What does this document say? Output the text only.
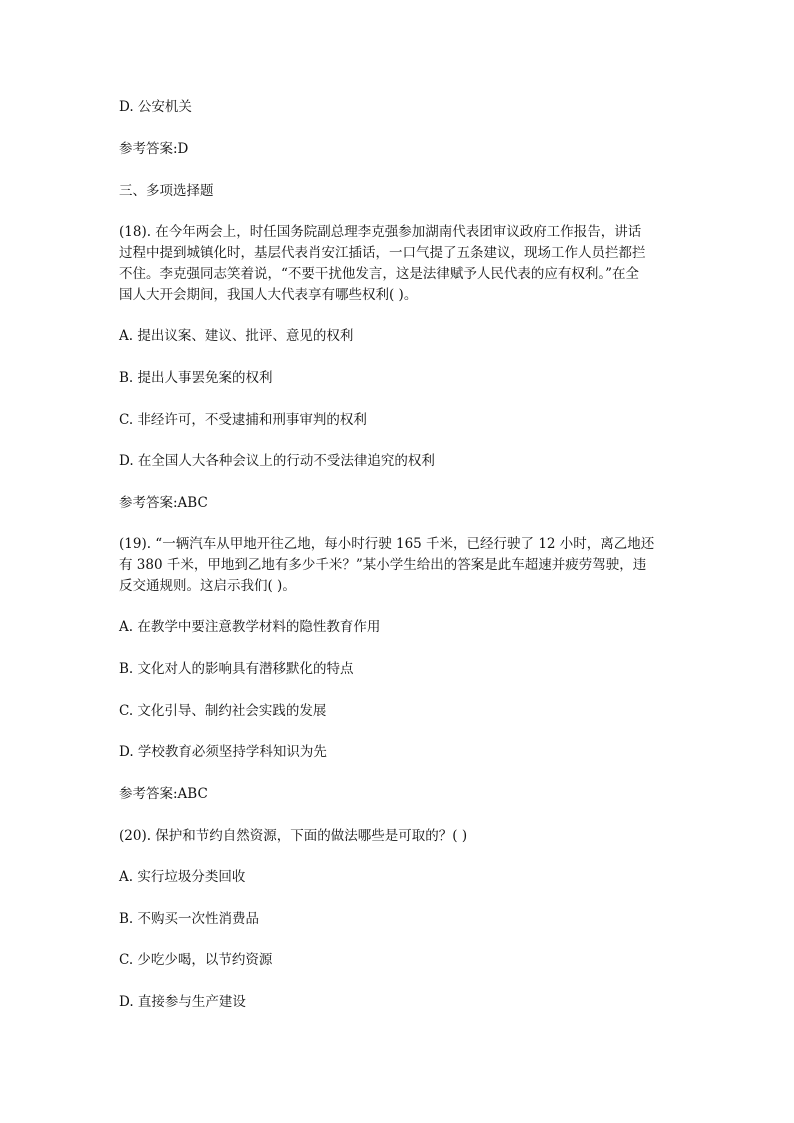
D. 公安机关
参考答案:D
三、多项选择题
(18). 在今年两会上，时任国务院副总理李克强参加湖南代表团审议政府工作报告，讲话
过程中提到城镇化时，基层代表肖安江插话，一口气提了五条建议，现场工作人员拦都拦
不住。李克强同志笑着说，“不要干扰他发言，这是法律赋予人民代表的应有权利。”在全
国人大开会期间，我国人大代表享有哪些权利( )。
A. 提出议案、建议、批评、意见的权利
B. 提出人事罢免案的权利
C. 非经许可，不受逮捕和刑事审判的权利
D. 在全国人大各种会议上的行动不受法律追究的权利
参考答案:ABC
(19). “一辆汽车从甲地开往乙地，每小时行驶 165 千米，已经行驶了 12 小时，离乙地还
有 380 千米，甲地到乙地有多少千米？”某小学生给出的答案是此车超速并疲劳驾驶，违
反交通规则。这启示我们( )。
A. 在教学中要注意教学材料的隐性教育作用
B. 文化对人的影响具有潜移默化的特点
C. 文化引导、制约社会实践的发展
D. 学校教育必须坚持学科知识为先
参考答案:ABC
(20). 保护和节约自然资源，下面的做法哪些是可取的？( )
A. 实行垃圾分类回收
B. 不购买一次性消费品
C. 少吃少喝，以节约资源
D. 直接参与生产建设
